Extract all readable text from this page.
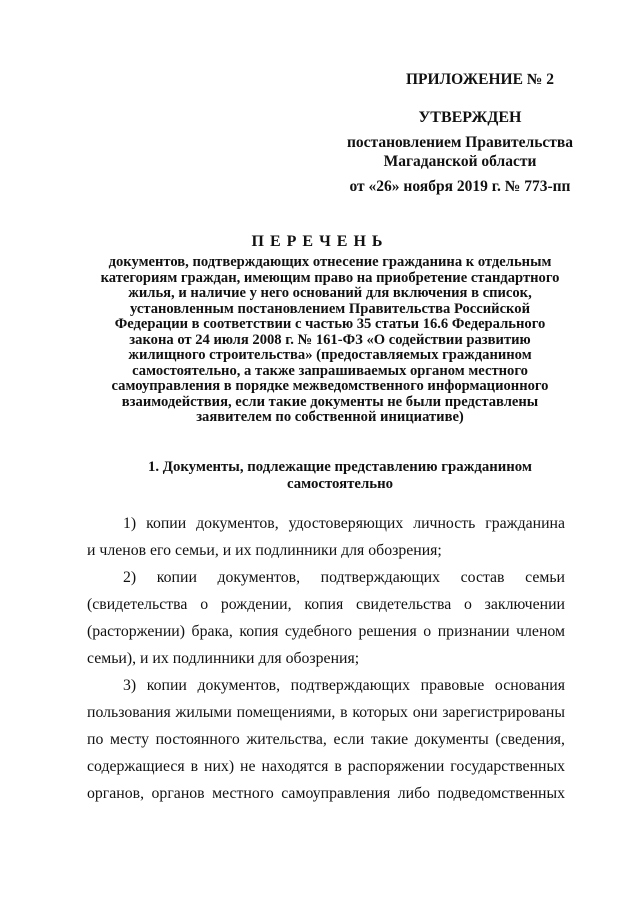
ПРИЛОЖЕНИЕ № 2
УТВЕРЖДЕН
постановлением Правительства
Магаданской области
от «26» ноября 2019 г. № 773-пп
ПЕРЕЧЕНЬ
документов, подтверждающих отнесение гражданина к отдельным
категориям граждан, имеющим право на приобретение стандартного
жилья, и наличие у него оснований для включения в список,
установленным постановлением Правительства Российской
Федерации в соответствии с частью 35 статьи 16.6 Федерального
закона от 24 июля 2008 г. № 161-ФЗ «О содействии развитию
жилищного строительства» (предоставляемых гражданином
самостоятельно, а также запрашиваемых органом местного
самоуправления в порядке межведомственного информационного
взаимодействия, если такие документы не были представлены
заявителем по собственной инициативе)
1. Документы, подлежащие представлению гражданином
самостоятельно
1) копии документов, удостоверяющих личность гражданина
и членов его семьи, и их подлинники для обозрения;
2) копии документов, подтверждающих состав семьи
(свидетельства о рождении, копия свидетельства о заключении
(расторжении) брака, копия судебного решения о признании членом
семьи), и их подлинники для обозрения;
3) копии документов, подтверждающих правовые основания
пользования жилыми помещениями, в которых они зарегистрированы
по месту постоянного жительства, если такие документы (сведения,
содержащиеся в них) не находятся в распоряжении государственных
органов, органов местного самоуправления либо подведомственных
